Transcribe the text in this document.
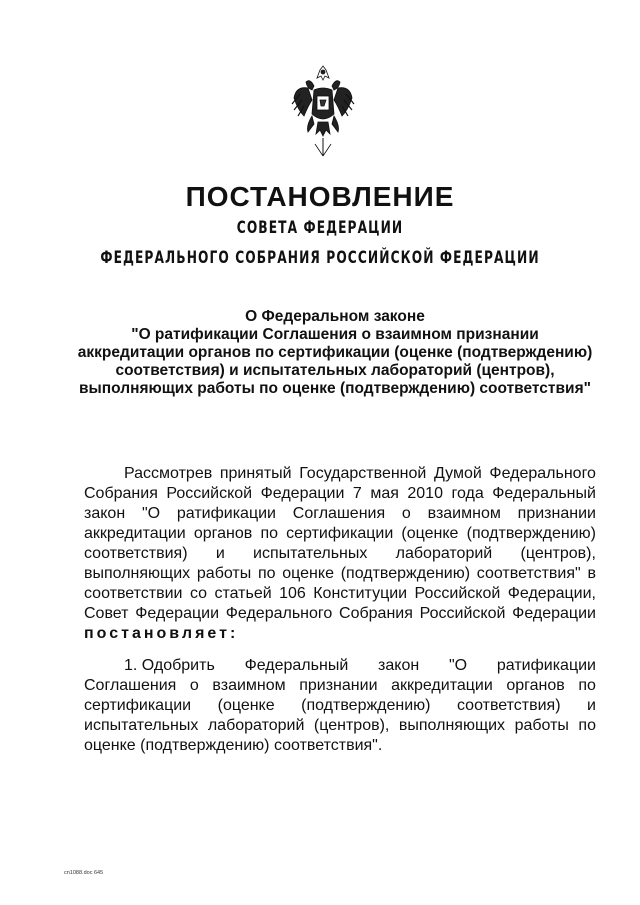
ПОСТАНОВЛЕНИЕ
СОВЕТА ФЕДЕРАЦИИ
ФЕДЕРАЛЬНОГО СОБРАНИЯ РОССИЙСКОЙ ФЕДЕРАЦИИ
О Федеральном законе
"О ратификации Соглашения о взаимном признании
аккредитации органов по сертификации (оценке (подтверждению)
соответствия) и испытательных лабораторий (центров),
выполняющих работы по оценке (подтверждению) соответствия"
Рассмотрев принятый Государственной Думой Федерального
Собрания Российской Федерации 7 мая 2010 года Федеральный
закон "О ратификации Соглашения о взаимном признании
аккредитации органов по сертификации (оценке (подтверждению)
соответствия) и испытательных лабораторий (центров),
выполняющих работы по оценке (подтверждению) соответствия" в
соответствии со статьей 106 Конституции Российской Федерации,
Совет Федерации Федерального Собрания Российской Федерации
постановляет:
1. Одобрить Федеральный закон "О ратификации
Соглашения о взаимном признании аккредитации органов по
сертификации (оценке (подтверждению) соответствия) и
испытательных лабораторий (центров), выполняющих работы по
оценке (подтверждению) соответствия".
cn1088.doc 645
